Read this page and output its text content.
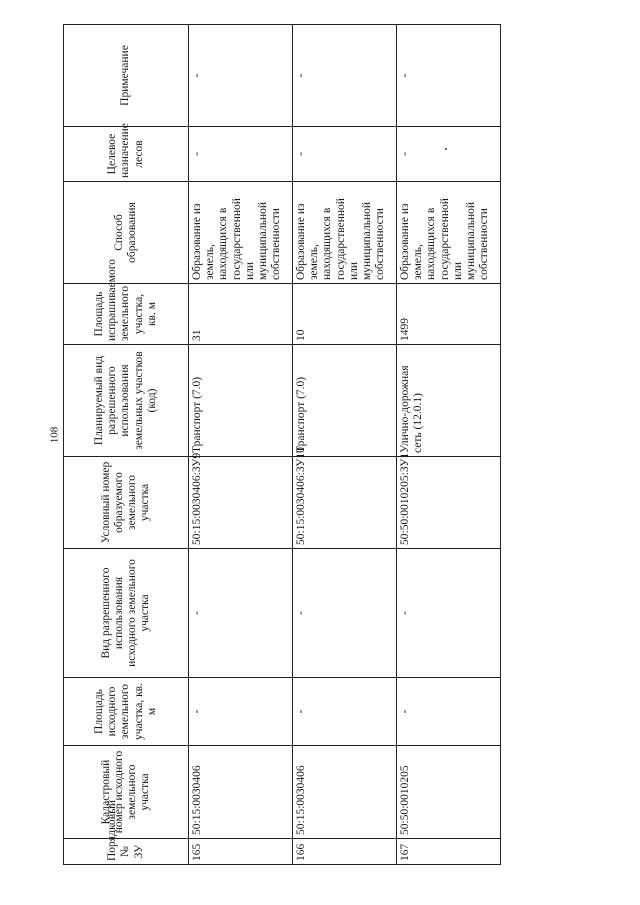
108
Порядковый № ЗУ	Кадастровый номер исходного земельного участка	Площадь исходного земельного участка, кв. м	Вид разрешенного использования исходного земельного участка	Условный номер образуемого земельного участка	Планируемый вид разрешенного использования земельных участков (код)	Площадь испрашиваемого земельного участка, кв. м	Способ образования	Целевое назначение лесов	Примечание
165	50:15:0030406	-	-	50:15:0030406:ЗУ9	Транспорт (7.0)	31	Образование из земель, находящихся в государственной или муниципальной собственности	-	-
166	50:15:0030406	-	-	50:15:0030406:ЗУ10	Транспорт (7.0)	10	Образование из земель, находящихся в государственной или муниципальной собственности	-	-
167	50:50:0010205	-	-	50:50:0010205:ЗУ1	Улично-дорожная сеть (12.0.1)	1499	Образование из земель, находящихся в государственной или муниципальной собственности	-	-
